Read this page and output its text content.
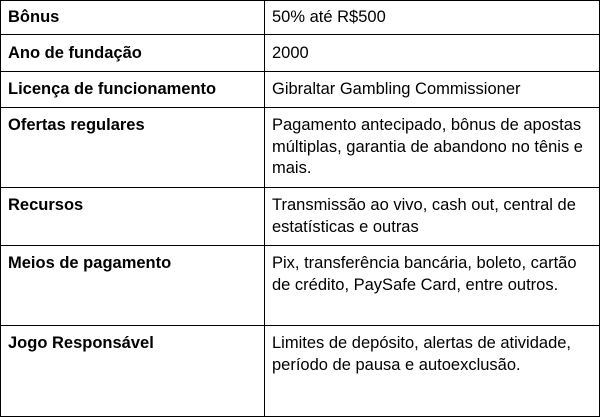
Bônus	50% até R$500
Ano de fundação	2000
Licença de funcionamento	Gibraltar Gambling Commissioner
Ofertas regulares	Pagamento antecipado, bônus de apostas múltiplas, garantia de abandono no tênis e mais.
Recursos	Transmissão ao vivo, cash out, central de estatísticas e outras
Meios de pagamento	Pix, transferência bancária, boleto, cartão de crédito, PaySafe Card, entre outros.
Jogo Responsável	Limites de depósito, alertas de atividade, período de pausa e autoexclusão.
